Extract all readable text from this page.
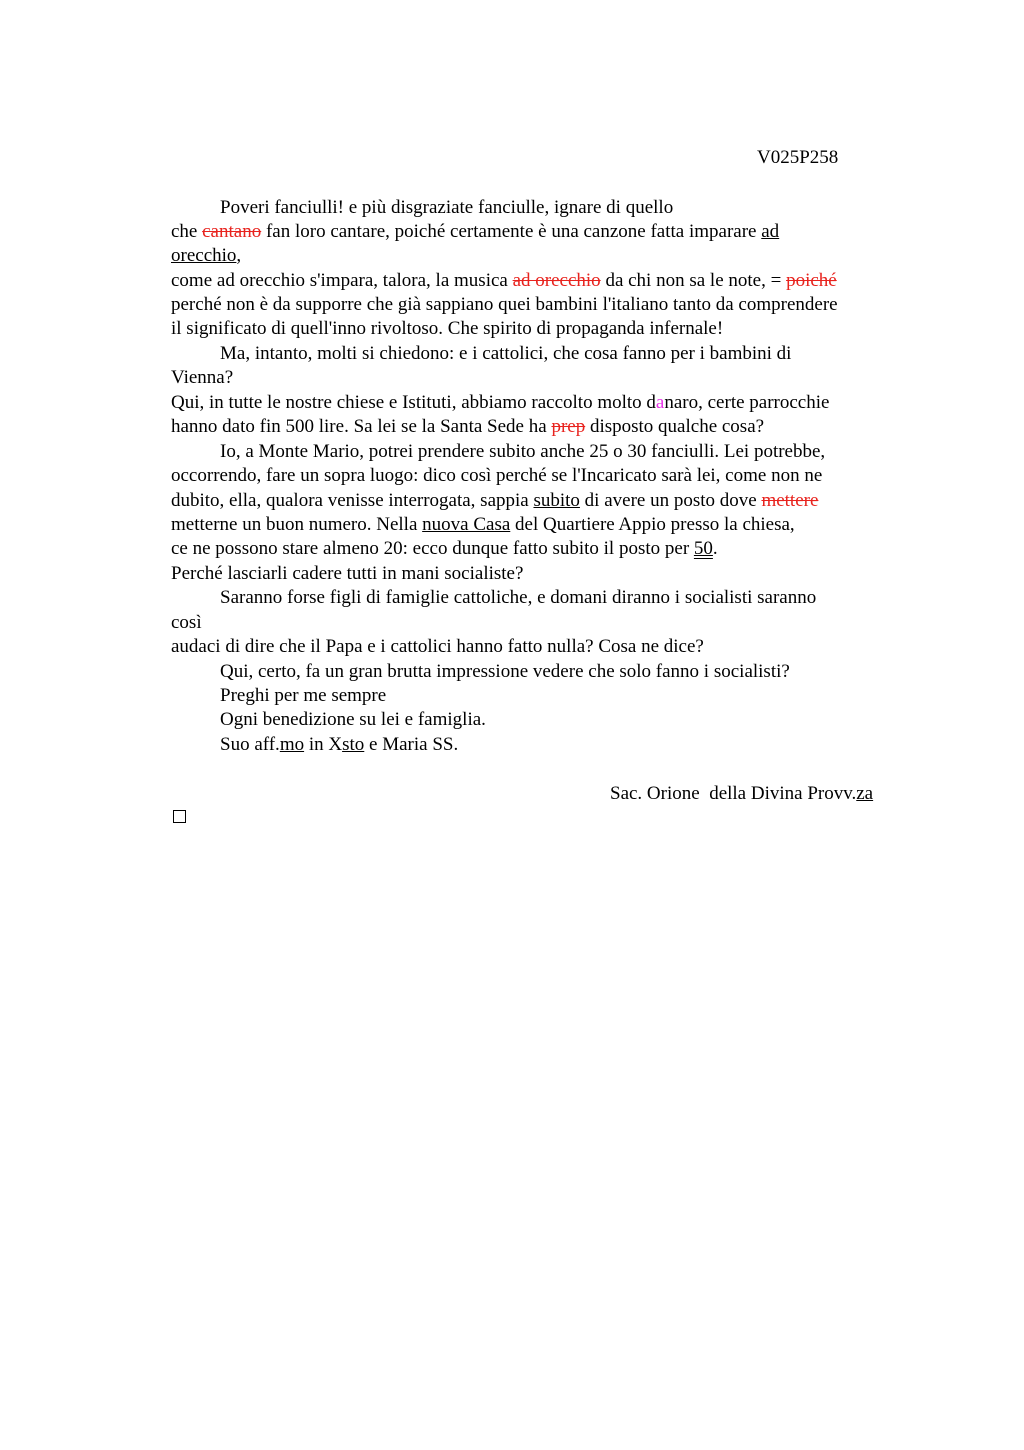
V025P258
Poveri fanciulli! e più disgraziate fanciulle, ignare di quello
che cantano fan loro cantare, poiché certamente è una canzone fatta imparare ad
orecchio,
come ad orecchio s'impara, talora, la musica ad orecchio da chi non sa le note, = poiché
perché non è da supporre che già sappiano quei bambini l'italiano tanto da comprendere
il significato di quell'inno rivoltoso. Che spirito di propaganda infernale!
Ma, intanto, molti si chiedono: e i cattolici, che cosa fanno per i bambini di
Vienna?
Qui, in tutte le nostre chiese e Istituti, abbiamo raccolto molto danaro, certe parrocchie
hanno dato fin 500 lire. Sa lei se la Santa Sede ha prep disposto qualche cosa?
Io, a Monte Mario, potrei prendere subito anche 25 o 30 fanciulli. Lei potrebbe,
occorrendo, fare un sopra luogo: dico così perché se l'Incaricato sarà lei, come non ne
dubito, ella, qualora venisse interrogata, sappia subito di avere un posto dove mettere
metterne un buon numero. Nella nuova Casa del Quartiere Appio presso la chiesa,
ce ne possono stare almeno 20: ecco dunque fatto subito il posto per 50.
Perché lasciarli cadere tutti in mani socialiste?
Saranno forse figli di famiglie cattoliche, e domani diranno i socialisti saranno
così
audaci di dire che il Papa e i cattolici hanno fatto nulla? Cosa ne dice?
Qui, certo, fa un gran brutta impressione vedere che solo fanno i socialisti?
Preghi per me sempre
Ogni benedizione su lei e famiglia.
Suo aff.mo in Xsto e Maria SS.
Sac. Orione  della Divina Provv.za
